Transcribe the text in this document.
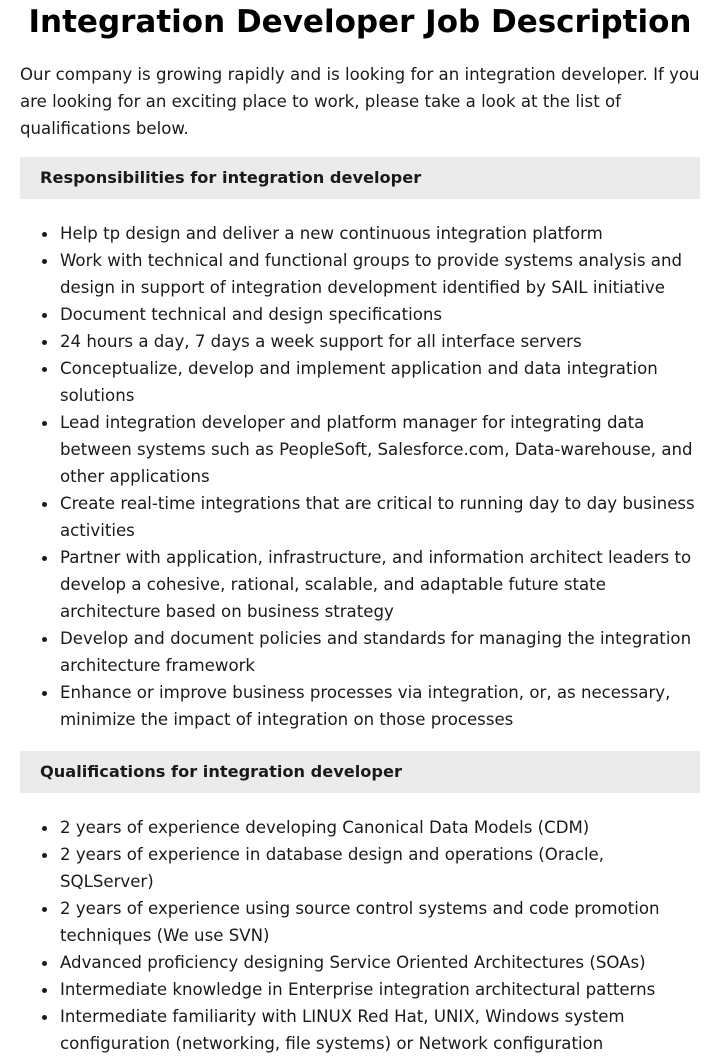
Integration Developer Job Description

Our company is growing rapidly and is looking for an integration developer. If you are looking for an exciting place to work, please take a look at the list of qualifications below.

Responsibilities for integration developer
Help tp design and deliver a new continuous integration platform
Work with technical and functional groups to provide systems analysis and design in support of integration development identified by SAIL initiative
Document technical and design specifications
24 hours a day, 7 days a week support for all interface servers
Conceptualize, develop and implement application and data integration solutions
Lead integration developer and platform manager for integrating data between systems such as PeopleSoft, Salesforce.com, Data-warehouse, and other applications
Create real-time integrations that are critical to running day to day business activities
Partner with application, infrastructure, and information architect leaders to develop a cohesive, rational, scalable, and adaptable future state architecture based on business strategy
Develop and document policies and standards for managing the integration architecture framework
Enhance or improve business processes via integration, or, as necessary, minimize the impact of integration on those processes
Qualifications for integration developer
2 years of experience developing Canonical Data Models (CDM)
2 years of experience in database design and operations (Oracle, SQLServer)
2 years of experience using source control systems and code promotion techniques (We use SVN)
Advanced proficiency designing Service Oriented Architectures (SOAs)
Intermediate knowledge in Enterprise integration architectural patterns
Intermediate familiarity with LINUX Red Hat, UNIX, Windows system configuration (networking, file systems) or Network configuration
